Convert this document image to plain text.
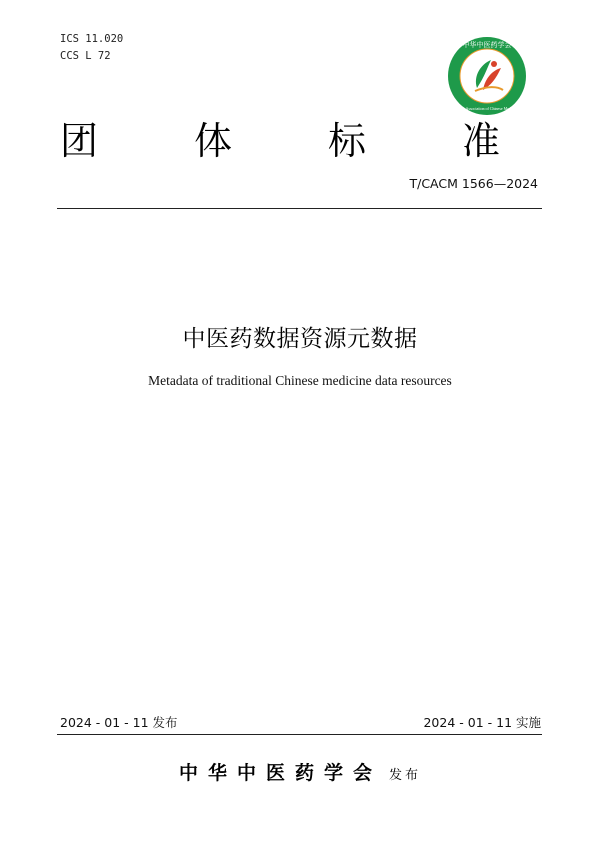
ICS 11.020
CCS L 72
中华中医药学会
China Association of Chinese Medicine
团	体	标	准
T/CACM 1566—2024
中医药数据资源元数据
Metadata of traditional Chinese medicine data resources
2024 - 01 - 11 发布	2024 - 01 - 11 实施
中华中医药学会 发布
